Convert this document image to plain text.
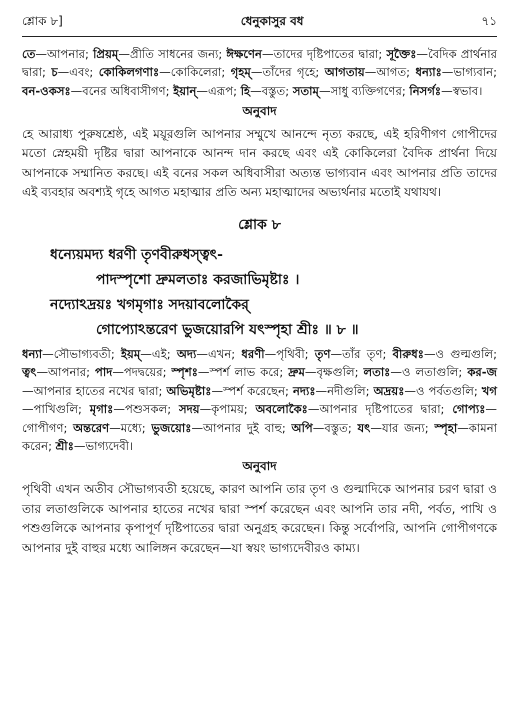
শ্লোক ৮]	ধেনুকাসুর বধ	৭১
তে—আপনার; প্রিয়ম্—প্রীতি সাধনের জন্য; ঈক্ষণেন—তাদের দৃষ্টিপাতের দ্বারা; সূক্তৈঃ—বৈদিক প্রার্থনার দ্বারা; চ—এবং; কোকিলগণাঃ—কোকিলেরা; গৃহম্—তাঁদের গৃহে; আগতায়—আগত; ধন্যাঃ—ভাগ্যবান; বন-ওকসঃ—বনের অধিবাসীগণ; ইয়ান্—এরূপ; হি—বস্তুত; সতাম্—সাধু ব্যক্তিগণের; নিসর্গঃ—স্বভাব।
অনুবাদ
হে আরাধ্য পুরুষশ্রেষ্ঠ, এই ময়ূরগুলি আপনার সম্মুখে আনন্দে নৃত্য করছে, এই হরিণীগণ গোপীদের মতো স্নেহময়ী দৃষ্টির দ্বারা আপনাকে আনন্দ দান করছে এবং এই কোকিলেরা বৈদিক প্রার্থনা দিয়ে আপনাকে সম্মানিত করছে। এই বনের সকল অধিবাসীরা অত্যন্ত ভাগ্যবান এবং আপনার প্রতি তাদের এই ব্যবহার অবশ্যই গৃহে আগত মহাত্মার প্রতি অন্য মহাত্মাদের অভ্যর্থনার মতোই যথাযথ।
শ্লোক ৮
ধন্যেয়মদ্য ধরণী তৃণবীরুধস্ত্বৎ-
পাদস্পৃশো দ্রুমলতাঃ করজাভিমৃষ্টাঃ ।
নদ্যোঽদ্রয়ঃ খগমৃগাঃ সদয়াবলোকৈর্
গোপ্যোঽন্তরেণ ভুজয়োরপি যৎস্পৃহা শ্রীঃ ॥ ৮ ॥
ধন্যা—সৌভাগ্যবতী; ইয়ম্—এই; অদ্য—এখন; ধরণী—পৃথিবী; তৃণ—তাঁর তৃণ; বীরুধঃ—ও গুল্মগুলি; ত্বৎ—আপনার; পাদ—পদদ্বয়ের; স্পৃশঃ—স্পর্শ লাভ করে; দ্রুম—বৃক্ষগুলি; লতাঃ—ও লতাগুলি; কর-জ—আপনার হাতের নখের দ্বারা; অভিমৃষ্টাঃ—স্পর্শ করেছেন; নদ্যঃ—নদীগুলি; অদ্রয়ঃ—ও পর্বতগুলি; খগ—পাখিগুলি; মৃগাঃ—পশুসকল; সদয়—কৃপাময়; অবলোকৈঃ—আপনার দৃষ্টিপাতের দ্বারা; গোপ্যঃ—গোপীগণ; অন্তরেণ—মধ্যে; ভুজয়োঃ—আপনার দুই বাহু; অপি—বস্তুত; যৎ—যার জন্য; স্পৃহা—কামনা করেন; শ্রীঃ—ভাগ্যদেবী।
অনুবাদ
পৃথিবী এখন অতীব সৌভাগ্যবতী হয়েছে, কারণ আপনি তার তৃণ ও গুল্মাদিকে আপনার চরণ দ্বারা ও তার লতাগুলিকে আপনার হাতের নখের দ্বারা স্পর্শ করেছেন এবং আপনি তার নদী, পর্বত, পাখি ও পশুগুলিকে আপনার কৃপাপূর্ণ দৃষ্টিপাতের দ্বারা অনুগ্রহ করেছেন। কিন্তু সর্বোপরি, আপনি গোপীগণকে আপনার দুই বাহুর মধ্যে আলিঙ্গন করেছেন—যা স্বয়ং ভাগ্যদেবীরও কাম্য।
